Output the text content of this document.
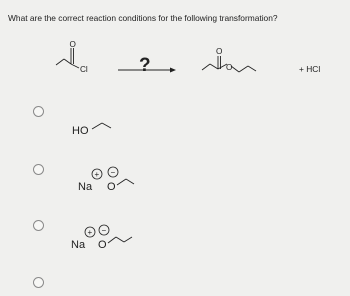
What are the correct reaction conditions for the following transformation?
O
Cl	?
O
O	+ HCl
HO
+
Na
−
O
+
Na
−
O
